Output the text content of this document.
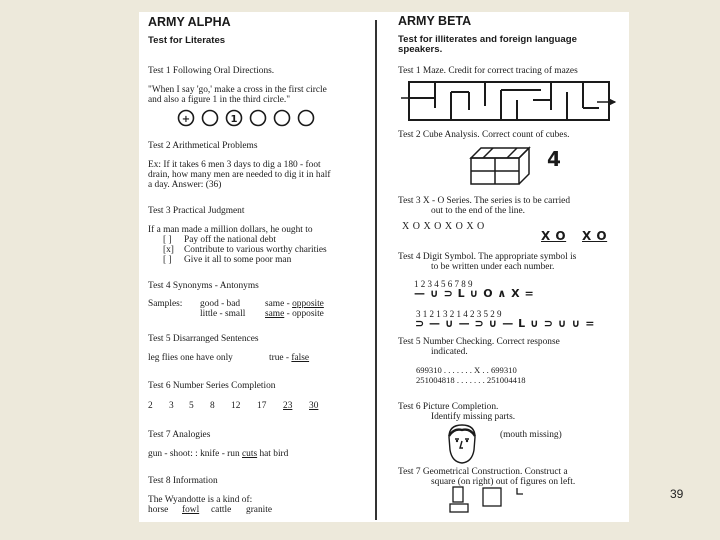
ARMY ALPHA
Test for Literates
Test 1 Following Oral Directions.
"When I say 'go,' make a cross in the first circle
and also a figure 1 in the third circle."
+	1
Test 2 Arithmetical Problems
Ex: If it takes 6 men 3 days to dig a 180 - foot
drain, how many men are needed to dig it in half
a day. Answer: (36)
Test 3 Practical Judgment
If a man made a million dollars, he ought to
[ ] Pay off the national debt
[x] Contribute to various worthy charities
[ ] Give it all to some poor man
Test 4 Synonyms - Antonyms
Samples: good - bad	same - opposite
little - small same - opposite
Test 5 Disarranged Sentences
leg flies one have only	true - false
Test 6 Number Series Completion
2 3 5 8 12 17 23 30
Test 7 Analogies
gun - shoot: : knife - run cuts hat bird
Test 8 Information
The Wyandotte is a kind of:
horse fowl cattle granite
ARMY BETA
Test for illiterates and foreign language
speakers.
Test 1 Maze. Credit for correct tracing of mazes
Test 2 Cube Analysis. Correct count of cubes.
4
Test 3 X - O Series. The series is to be carried
out to the end of the line.
X O X O X O X O
X O X O
Test 4 Digit Symbol. The appropriate symbol is
to be written under each number.
1 2 3 4 5 6 7 8 9
— ∪ ⊃ L ∪ O ∧ X =
3 1 2 1 3 2 1 4 2 3 5 2 9
⊃ — ∪ — ⊃ ∪ — L ∪ ⊃ ∪ ∪ =
Test 5 Number Checking. Correct response
indicated.
699310 . . . . . . . X . . 699310
251004818 . . . . . . . 251004418
Test 6 Picture Completion.
Identify missing parts.
(mouth missing)
Test 7 Geometrical Construction. Construct a
square (on right) out of figures on left.
39
